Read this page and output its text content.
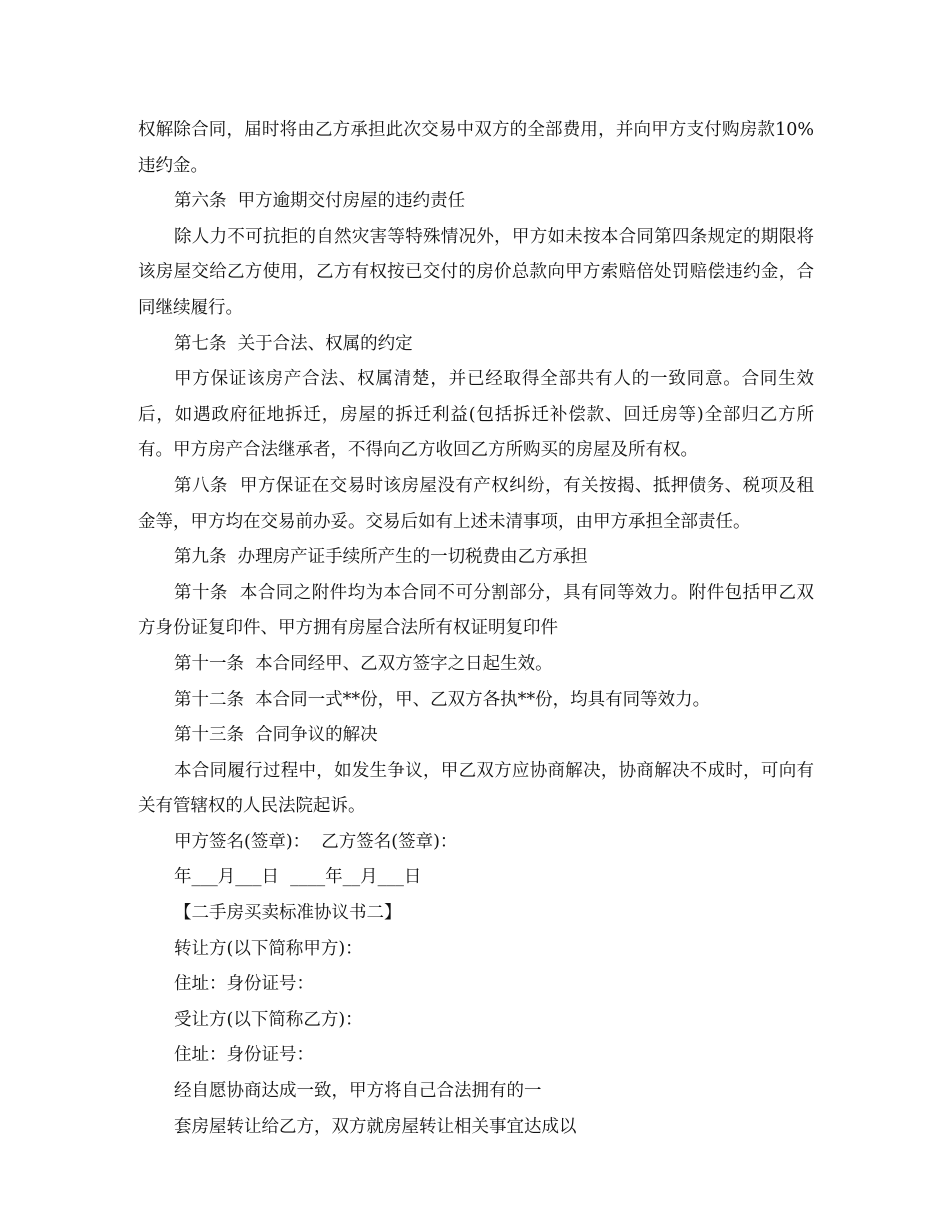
权解除合同，届时将由乙方承担此次交易中双方的全部费用，并向甲方支付购房款10%违约金。

第六条  甲方逾期交付房屋的违约责任

除人力不可抗拒的自然灾害等特殊情况外，甲方如未按本合同第四条规定的期限将该房屋交给乙方使用，乙方有权按已交付的房价总款向甲方索赔倍处罚赔偿违约金，合同继续履行。

第七条  关于合法、权属的约定

甲方保证该房产合法、权属清楚，并已经取得全部共有人的一致同意。合同生效后，如遇政府征地拆迁，房屋的拆迁利益(包括拆迁补偿款、回迁房等)全部归乙方所有。甲方房产合法继承者，不得向乙方收回乙方所购买的房屋及所有权。

第八条  甲方保证在交易时该房屋没有产权纠纷，有关按揭、抵押债务、税项及租金等，甲方均在交易前办妥。交易后如有上述未清事项，由甲方承担全部责任。

第九条  办理房产证手续所产生的一切税费由乙方承担

第十条  本合同之附件均为本合同不可分割部分，具有同等效力。附件包括甲乙双方身份证复印件、甲方拥有房屋合法所有权证明复印件

第十一条  本合同经甲、乙双方签字之日起生效。

第十二条  本合同一式**份，甲、乙双方各执**份，均具有同等效力。

第十三条  合同争议的解决

本合同履行过程中，如发生争议，甲乙双方应协商解决，协商解决不成时，可向有关有管辖权的人民法院起诉。

甲方签名(签章)：  乙方签名(签章)：

年___月___日  ____年__月___日

【二手房买卖标准协议书二】

转让方(以下简称甲方)：

住址：身份证号：

受让方(以下简称乙方)：

住址：身份证号：

经自愿协商达成一致，甲方将自己合法拥有的一

套房屋转让给乙方，双方就房屋转让相关事宜达成以
